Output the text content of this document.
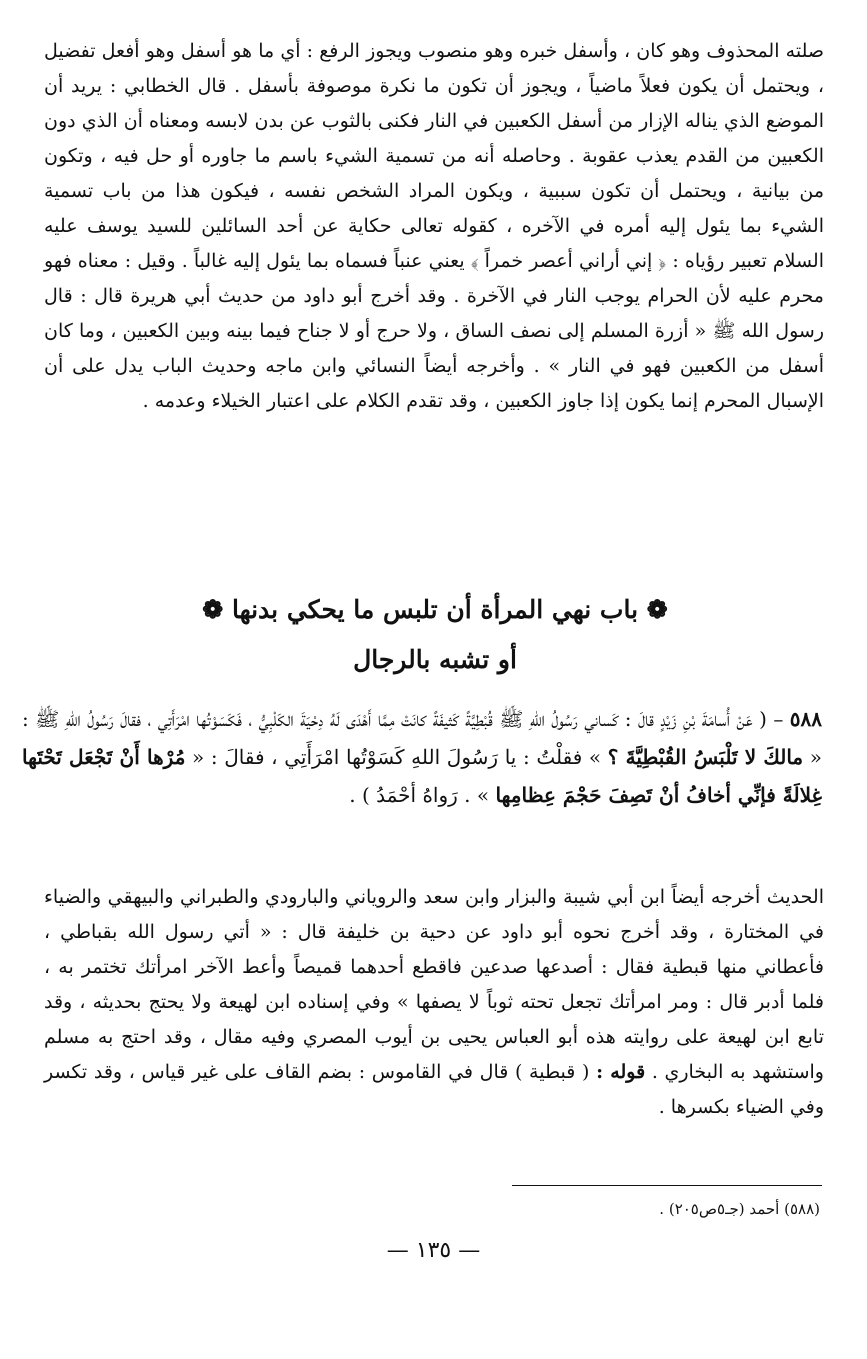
صلته المحذوف وهو كان ، وأسفل خبره وهو منصوب ويجوز الرفع : أي ما هو أسفل وهو أفعل تفضيل ، ويحتمل أن يكون فعلاً ماضياً ، ويجوز أن تكون ما نكرة موصوفة بأسفل . قال الخطابي : يريد أن الموضع الذي يناله الإزار من أسفل الكعبين في النار فكنى بالثوب عن بدن لابسه ومعناه أن الذي دون الكعبين من القدم يعذب عقوبة . وحاصله أنه من تسمية الشيء باسم ما جاوره أو حل فيه ، وتكون من بيانية ، ويحتمل أن تكون سببية ، ويكون المراد الشخص نفسه ، فيكون هذا من باب تسمية الشيء بما يئول إليه أمره في الآخره ، كقوله تعالى حكاية عن أحد السائلين للسيد يوسف عليه السلام تعبير رؤياه : ﴿ إني أراني أعصر خمراً ﴾ يعني عنباً فسماه بما يئول إليه غالباً . وقيل : معناه فهو محرم عليه لأن الحرام يوجب النار في الآخرة . وقد أخرج أبو داود من حديث أبي هريرة قال : قال رسول الله ﷺ « أزرة المسلم إلى نصف الساق ، ولا حرج أو لا جناح فيما بينه وبين الكعبين ، وما كان أسفل من الكعبين فهو في النار » . وأخرجه أيضاً النسائي وابن ماجه وحديث الباب يدل على أن الإسبال المحرم إنما يكون إذا جاوز الكعبين ، وقد تقدم الكلام على اعتبار الخيلاء وعدمه .
❁ باب نهي المرأة أن تلبس ما يحكي بدنها ❁
أو تشبه بالرجال
٥٨٨ – ( عَنْ أُسامَةَ بْنِ زَيْدٍ قالَ : كَساني رَسُولُ اللهِ ﷺ قُبْطِيَّةً كَثيفَةً كانَتْ مِمَّا أَهْدَى لَهُ دِحْيَةَ الكَلْبِيُّ ، فَكَسَوْتُها امْرَأَتِي ، فقالَ رَسُولُ اللهِ ﷺ : « مالكَ لا تَلْبَسُ القُبْطِيَّةَ ؟ » فقلْتُ : يا رَسُولَ اللهِ كَسَوْتُها امْرَأَتِي ، فقالَ : « مُرْها أَنْ تَجْعَل تَحْتَها غِلالَةً فإنِّي أخافُ أنْ تَصِفَ حَجْمَ عِظامِها » . رَواهُ أحْمَدُ ) .
الحديث أخرجه أيضاً ابن أبي شيبة والبزار وابن سعد والروياني والبارودي والطبراني والبيهقي والضياء في المختارة ، وقد أخرج نحوه أبو داود عن دحية بن خليفة قال : « أتي رسول الله بقباطي ، فأعطاني منها قبطية فقال : أصدعها صدعين فاقطع أحدهما قميصاً وأعط الآخر امرأتك تختمر به ، فلما أدبر قال : ومر امرأتك تجعل تحته ثوباً لا يصفها » وفي إسناده ابن لهيعة ولا يحتج بحديثه ، وقد تابع ابن لهيعة على روايته هذه أبو العباس يحيى بن أيوب المصري وفيه مقال ، وقد احتج به مسلم واستشهد به البخاري . قوله : ( قبطية ) قال في القاموس : بضم القاف على غير قياس ، وقد تكسر وفي الضياء بكسرها .
(٥٨٨) أحمد (جـ٥ص٢٠٥) .
— ١٣٥ —
